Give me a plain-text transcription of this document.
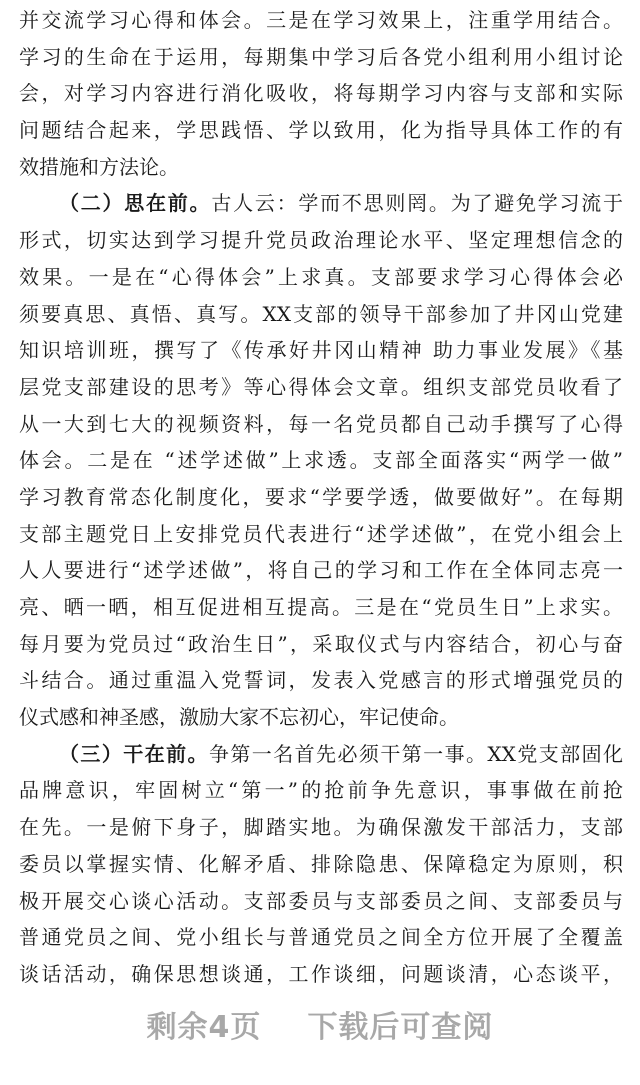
并交流学习心得和体会。三是在学习效果上，注重学用结合。
学习的生命在于运用，每期集中学习后各党小组利用小组讨论
会，对学习内容进行消化吸收，将每期学习内容与支部和实际
问题结合起来，学思践悟、学以致用，化为指导具体工作的有
效措施和方法论。
（二）思在前。古人云：学而不思则罔。为了避免学习流于
形式，切实达到学习提升党员政治理论水平、坚定理想信念的
效果。一是在“心得体会”上求真。支部要求学习心得体会必
须要真思、真悟、真写。XX支部的领导干部参加了井冈山党建
知识培训班，撰写了《传承好井冈山精神 助力事业发展》《基
层党支部建设的思考》等心得体会文章。组织支部党员收看了
从一大到七大的视频资料，每一名党员都自己动手撰写了心得
体会。二是在 “述学述做”上求透。支部全面落实“两学一做”
学习教育常态化制度化，要求“学要学透，做要做好”。在每期
支部主题党日上安排党员代表进行“述学述做”，在党小组会上
人人要进行“述学述做”，将自己的学习和工作在全体同志亮一
亮、晒一晒，相互促进相互提高。三是在“党员生日”上求实。
每月要为党员过“政治生日”，采取仪式与内容结合，初心与奋
斗结合。通过重温入党誓词，发表入党感言的形式增强党员的
仪式感和神圣感，激励大家不忘初心，牢记使命。
（三）干在前。争第一名首先必须干第一事。XX党支部固化
品牌意识，牢固树立“第一”的抢前争先意识，事事做在前抢
在先。一是俯下身子，脚踏实地。为确保激发干部活力，支部
委员以掌握实情、化解矛盾、排除隐患、保障稳定为原则，积
极开展交心谈心活动。支部委员与支部委员之间、支部委员与
普通党员之间、党小组长与普通党员之间全方位开展了全覆盖
谈话活动，确保思想谈通，工作谈细，问题谈清，心态谈平，
剩余4页 下载后可查阅
